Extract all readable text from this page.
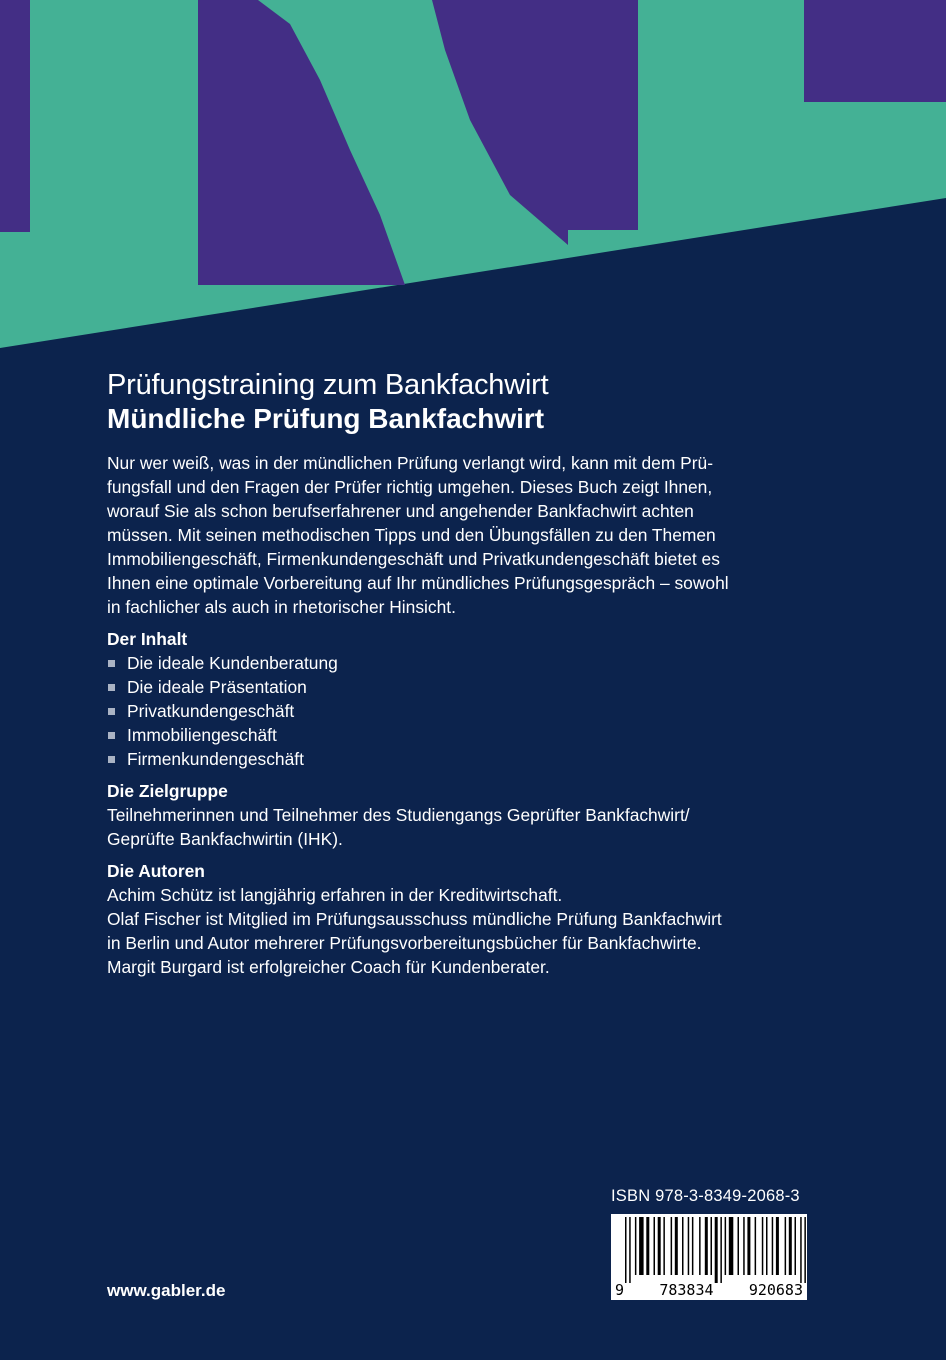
Prüfungstraining zum Bankfachwirt
Mündliche Prüfung Bankfachwirt

Nur wer weiß, was in der mündlichen Prüfung verlangt wird, kann mit dem Prü-
fungsfall und den Fragen der Prüfer richtig umgehen. Dieses Buch zeigt Ihnen,
worauf Sie als schon berufserfahrener und angehender Bankfachwirt achten
müssen. Mit seinen methodischen Tipps und den Übungsfällen zu den Themen
Immobiliengeschäft, Firmenkundengeschäft und Privatkundengeschäft bietet es
Ihnen eine optimale Vorbereitung auf Ihr mündliches Prüfungsgespräch – sowohl
in fachlicher als auch in rhetorischer Hinsicht.

Der Inhalt
Die ideale Kundenberatung
Die ideale Präsentation
Privatkundengeschäft
Immobiliengeschäft
Firmenkundengeschäft
Die Zielgruppe

Teilnehmerinnen und Teilnehmer des Studiengangs Geprüfter Bankfachwirt/
Geprüfte Bankfachwirtin (IHK).

Die Autoren

Achim Schütz ist langjährig erfahren in der Kreditwirtschaft.
Olaf Fischer ist Mitglied im Prüfungsausschuss mündliche Prüfung Bankfachwirt
in Berlin und Autor mehrerer Prüfungsvorbereitungsbücher für Bankfachwirte.
Margit Burgard ist erfolgreicher Coach für Kundenberater.

ISBN 978-3-8349-2068-3
9 783834 920683
www.gabler.de
